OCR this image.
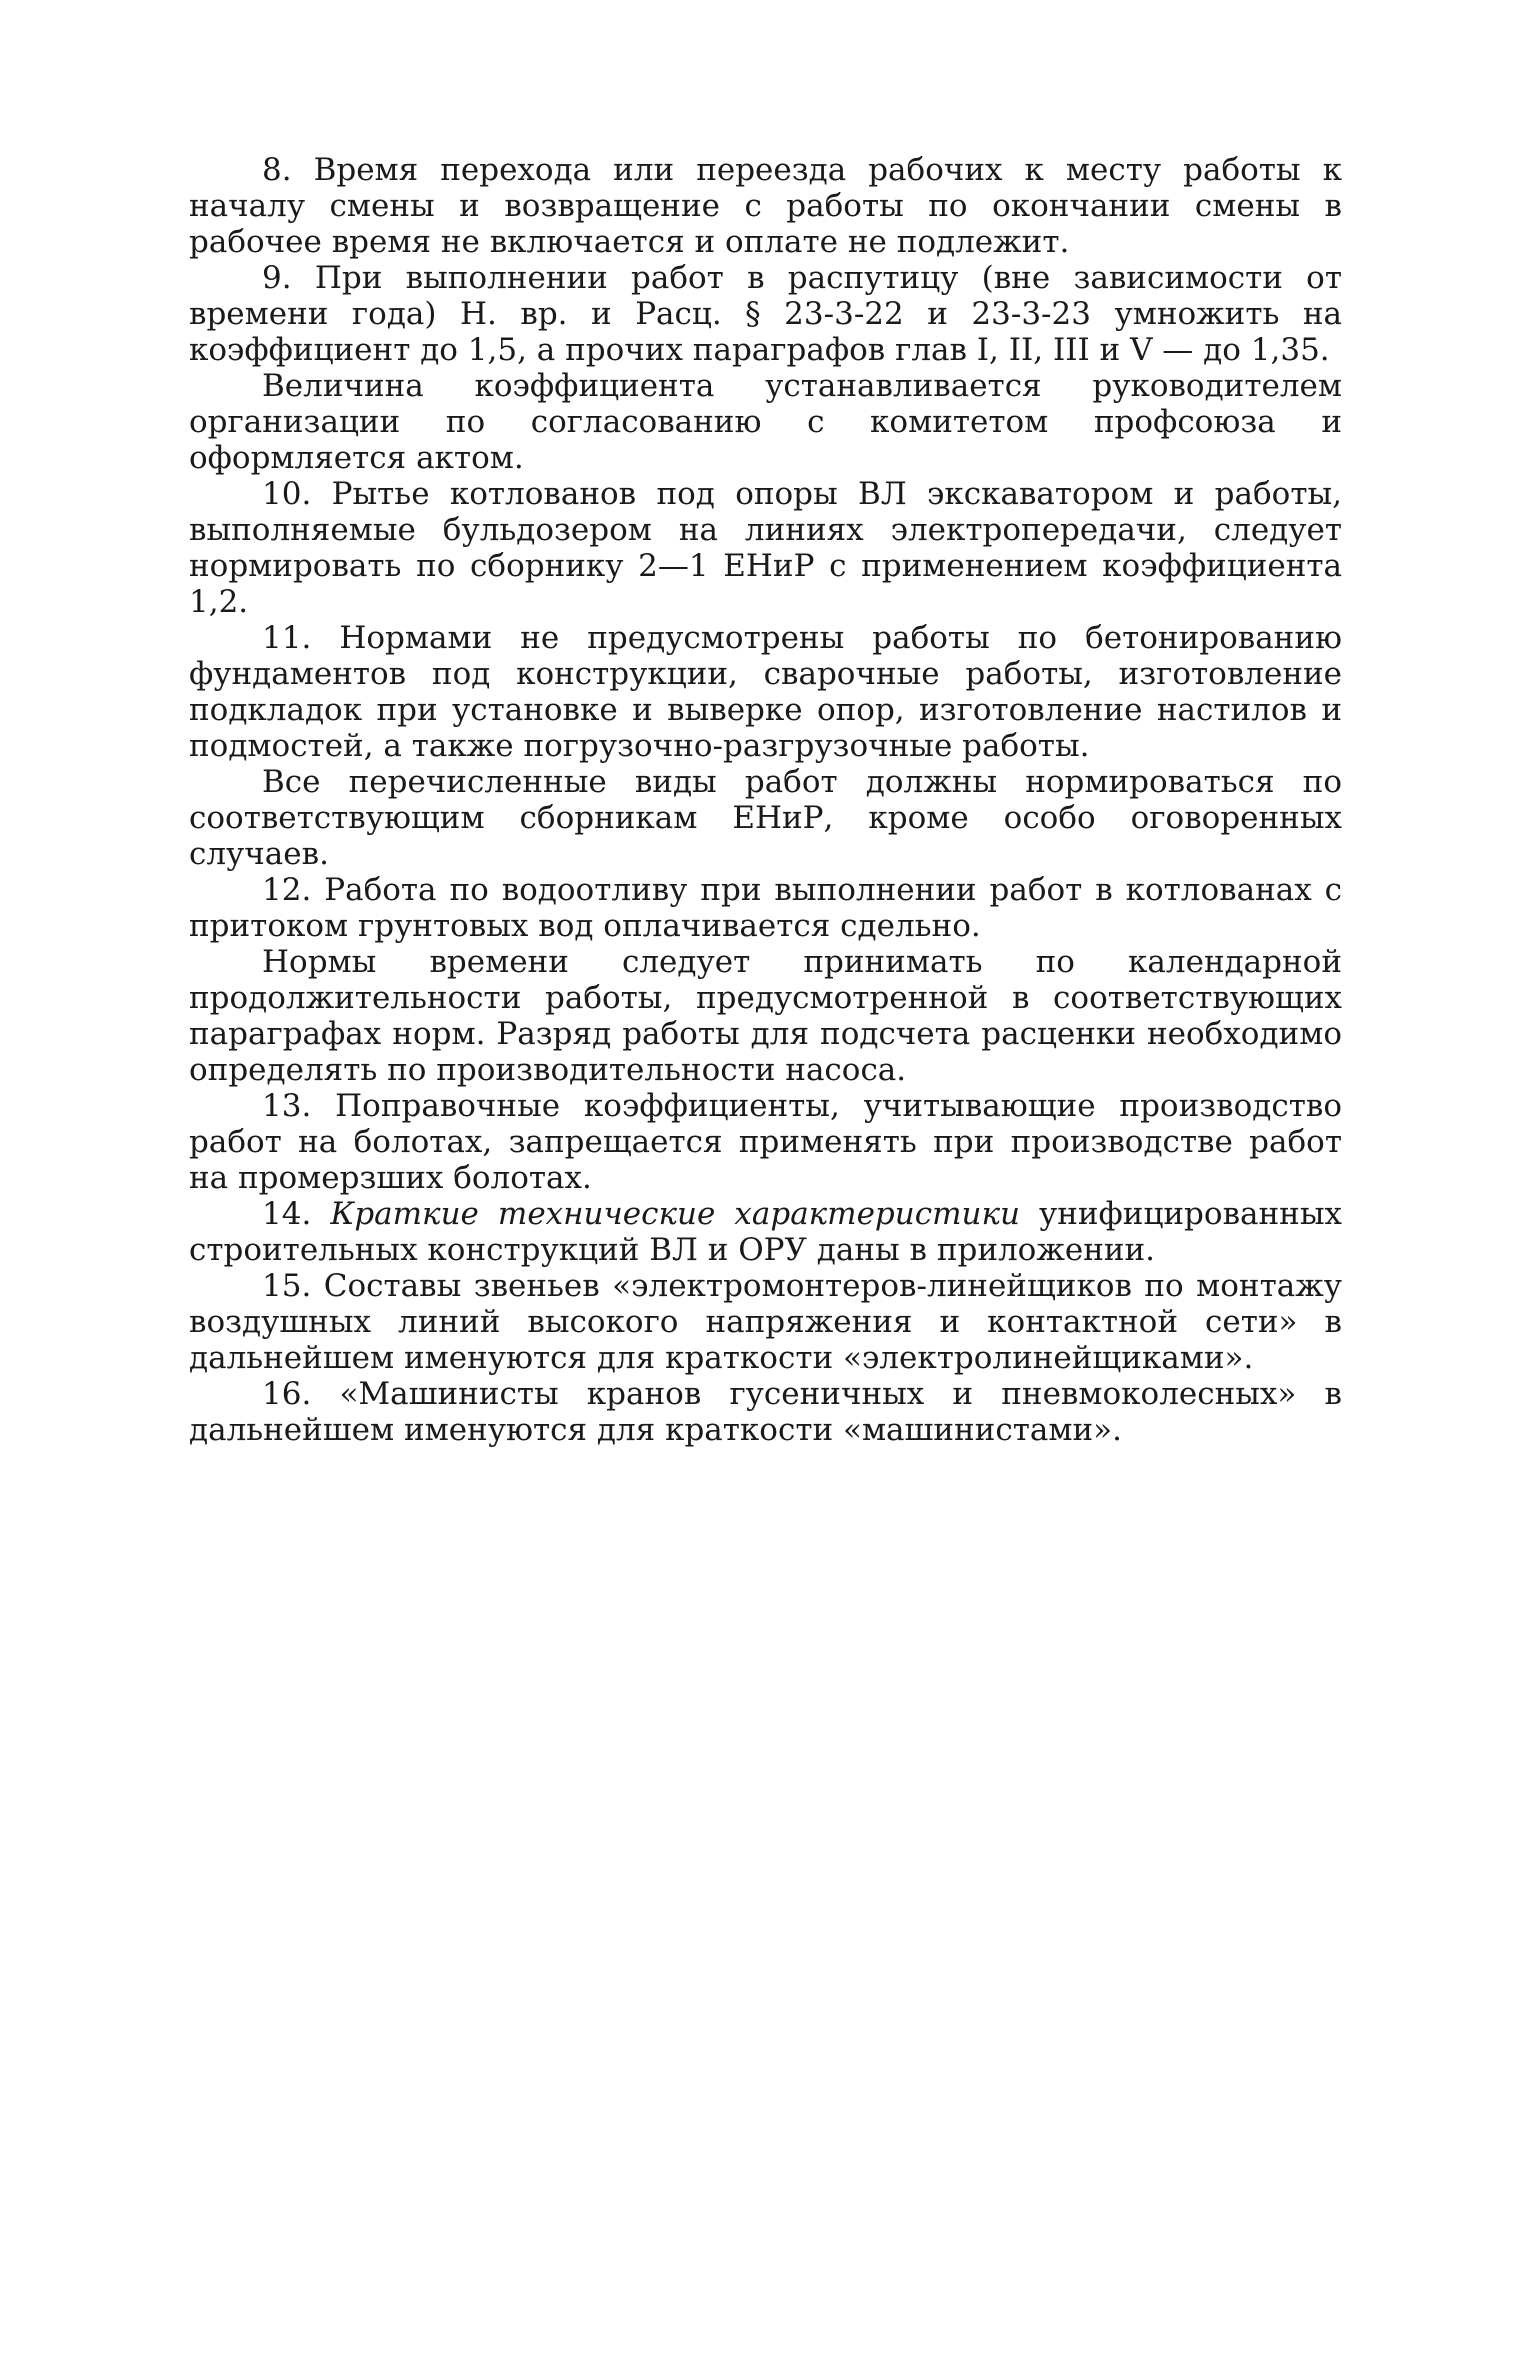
8. Время перехода или переезда рабочих к месту работы к началу смены и возвращение с работы по окончании смены в рабочее время не включается и оплате не подлежит.

9. При выполнении работ в распутицу (вне зависимости от времени года) Н. вр. и Расц. § 23-3-22 и 23-3-23 умножить на коэффициент до 1,5, а прочих параграфов глав I, II, III и V — до 1,35.

Величина коэффициента устанавливается руководителем организации по согласованию с комитетом профсоюза и оформляется актом.

10. Рытье котлованов под опоры ВЛ экскаватором и работы, выполняемые бульдозером на линиях электропередачи, следует нормировать по сборнику 2—1 ЕНиР с применением коэффициента 1,2.

11. Нормами не предусмотрены работы по бетонированию фундаментов под конструкции, сварочные работы, изготовление подкладок при установке и выверке опор, изготовление настилов и подмостей, а также погрузочно-разгрузочные работы.

Все перечисленные виды работ должны нормироваться по соответствующим сборникам ЕНиР, кроме особо оговоренных случаев.

12. Работа по водоотливу при выполнении работ в котлованах с притоком грунтовых вод оплачивается сдельно.

Нормы времени следует принимать по календарной продолжительности работы, предусмотренной в соответствующих параграфах норм. Разряд работы для подсчета расценки необходимо определять по производительности насоса.

13. Поправочные коэффициенты, учитывающие производство работ на болотах, запрещается применять при производстве работ на промерзших болотах.

14. Краткие технические характеристики унифицированных строительных конструкций ВЛ и ОРУ даны в приложении.

15. Составы звеньев «электромонтеров-линейщиков по монтажу воздушных линий высокого напряжения и контактной сети» в дальнейшем именуются для краткости «электролинейщиками».

16. «Машинисты кранов гусеничных и пневмоколесных» в дальнейшем именуются для краткости «машинистами».
